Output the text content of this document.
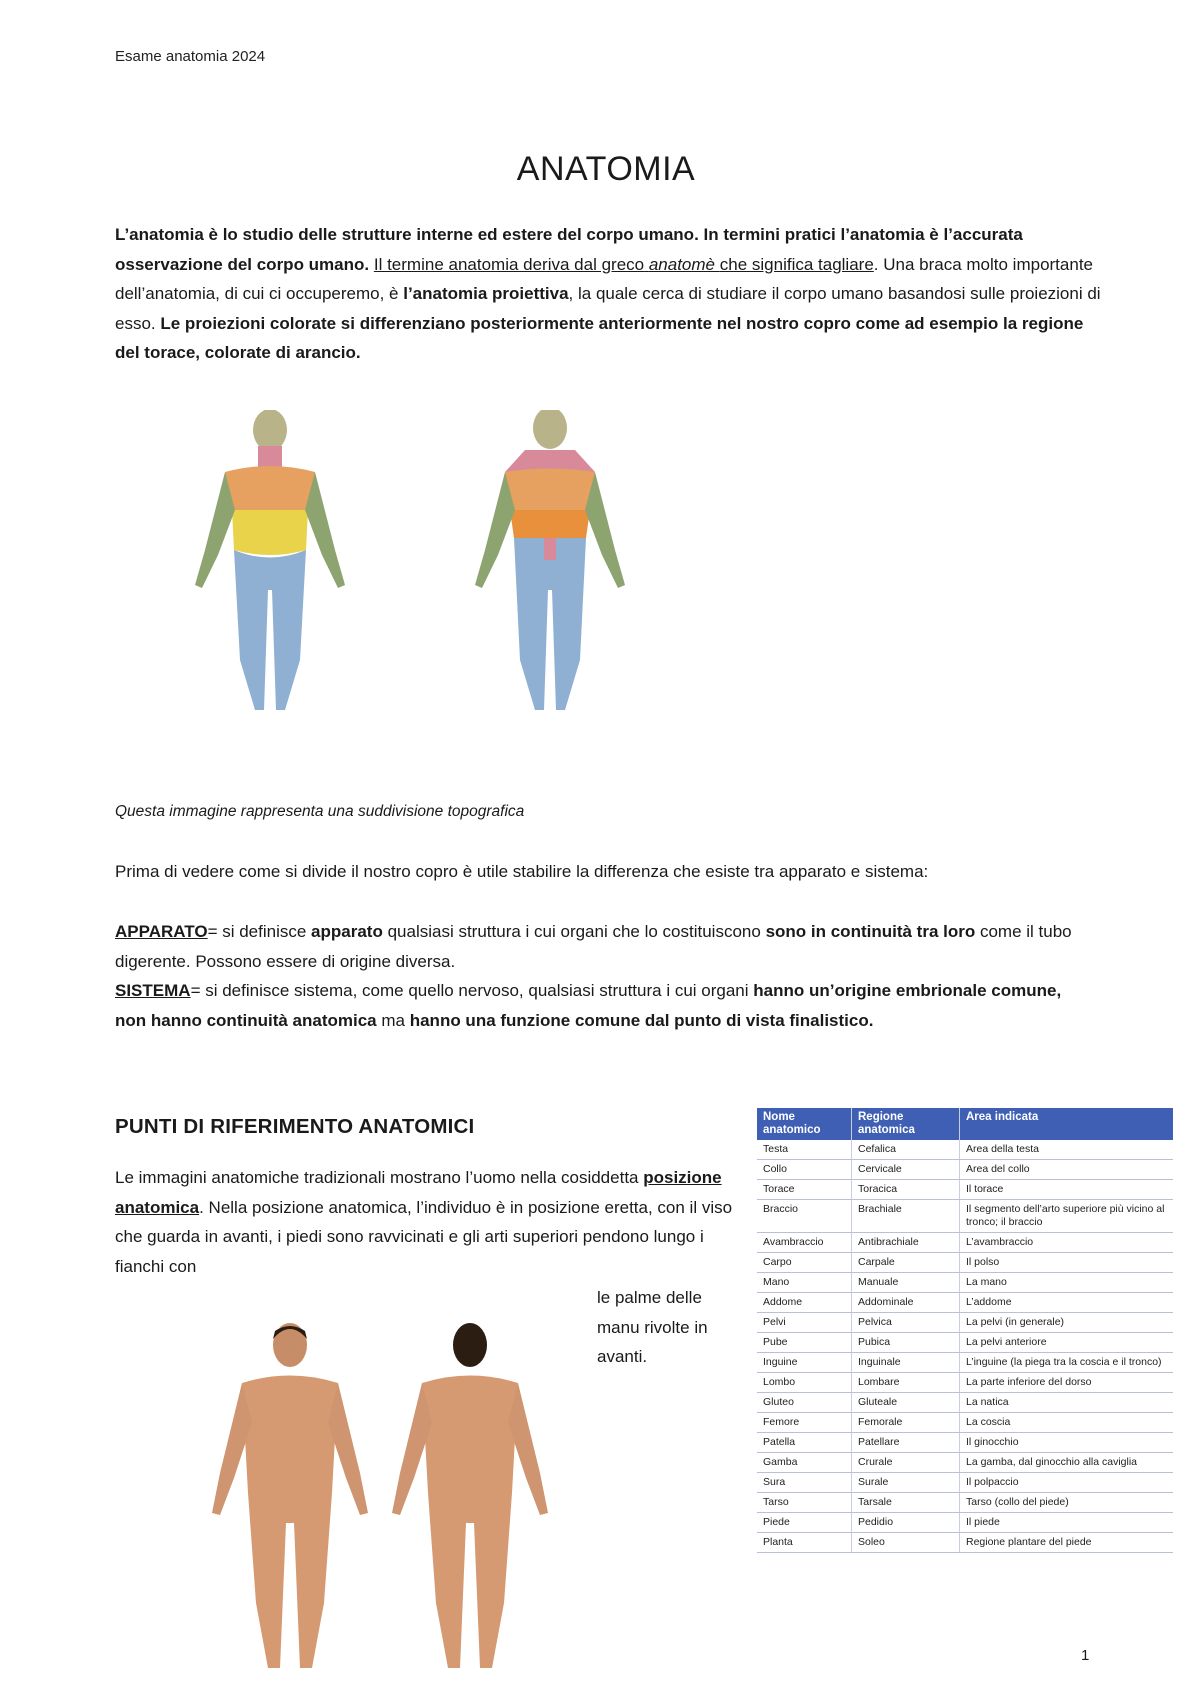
Esame anatomia 2024
ANATOMIA
L’anatomia è lo studio delle strutture interne ed estere del corpo umano. In termini pratici l’anatomia è l’accurata osservazione del corpo umano. Il termine anatomia deriva dal greco anatomè che significa tagliare. Una braca molto importante dell’anatomia, di cui ci occuperemo, è l’anatomia proiettiva, la quale cerca di studiare il corpo umano basandosi sulle proiezioni di esso. Le proiezioni colorate si differenziano posteriormente anteriormente nel nostro copro come ad esempio la regione del torace, colorate di arancio.
Questa immagine rappresenta una suddivisione topografica
Prima di vedere come si divide il nostro copro è utile stabilire la differenza che esiste tra apparato e sistema:
APPARATO= si definisce apparato qualsiasi struttura i cui organi che lo costituiscono sono in continuità tra loro come il tubo digerente. Possono essere di origine diversa.
SISTEMA= si definisce sistema, come quello nervoso, qualsiasi struttura i cui organi hanno un’origine embrionale comune, non hanno continuità anatomica ma hanno una funzione comune dal punto di vista finalistico.
PUNTI DI RIFERIMENTO ANATOMICI
Le immagini anatomiche tradizionali mostrano l’uomo nella cosiddetta posizione anatomica. Nella posizione anatomica, l’individuo è in posizione eretta, con il viso che guarda in avanti, i piedi sono ravvicinati e gli arti superiori pendono lungo i fianchi con
le palme delle manu rivolte in avanti.
Nome anatomico	Regione anatomica	Area indicata
Testa	Cefalica	Area della testa
Collo	Cervicale	Area del collo
Torace	Toracica	Il torace
Braccio	Brachiale	Il segmento dell’arto superiore più vicino al tronco; il braccio
Avambraccio	Antibrachiale	L’avambraccio
Carpo	Carpale	Il polso
Mano	Manuale	La mano
Addome	Addominale	L’addome
Pelvi	Pelvica	La pelvi (in generale)
Pube	Pubica	La pelvi anteriore
Inguine	Inguinale	L’inguine (la piega tra la coscia e il tronco)
Lombo	Lombare	La parte inferiore del dorso
Gluteo	Gluteale	La natica
Femore	Femorale	La coscia
Patella	Patellare	Il ginocchio
Gamba	Crurale	La gamba, dal ginocchio alla caviglia
Sura	Surale	Il polpaccio
Tarso	Tarsale	Tarso (collo del piede)
Piede	Pedidio	Il piede
Planta	Soleo	Regione plantare del piede
1
